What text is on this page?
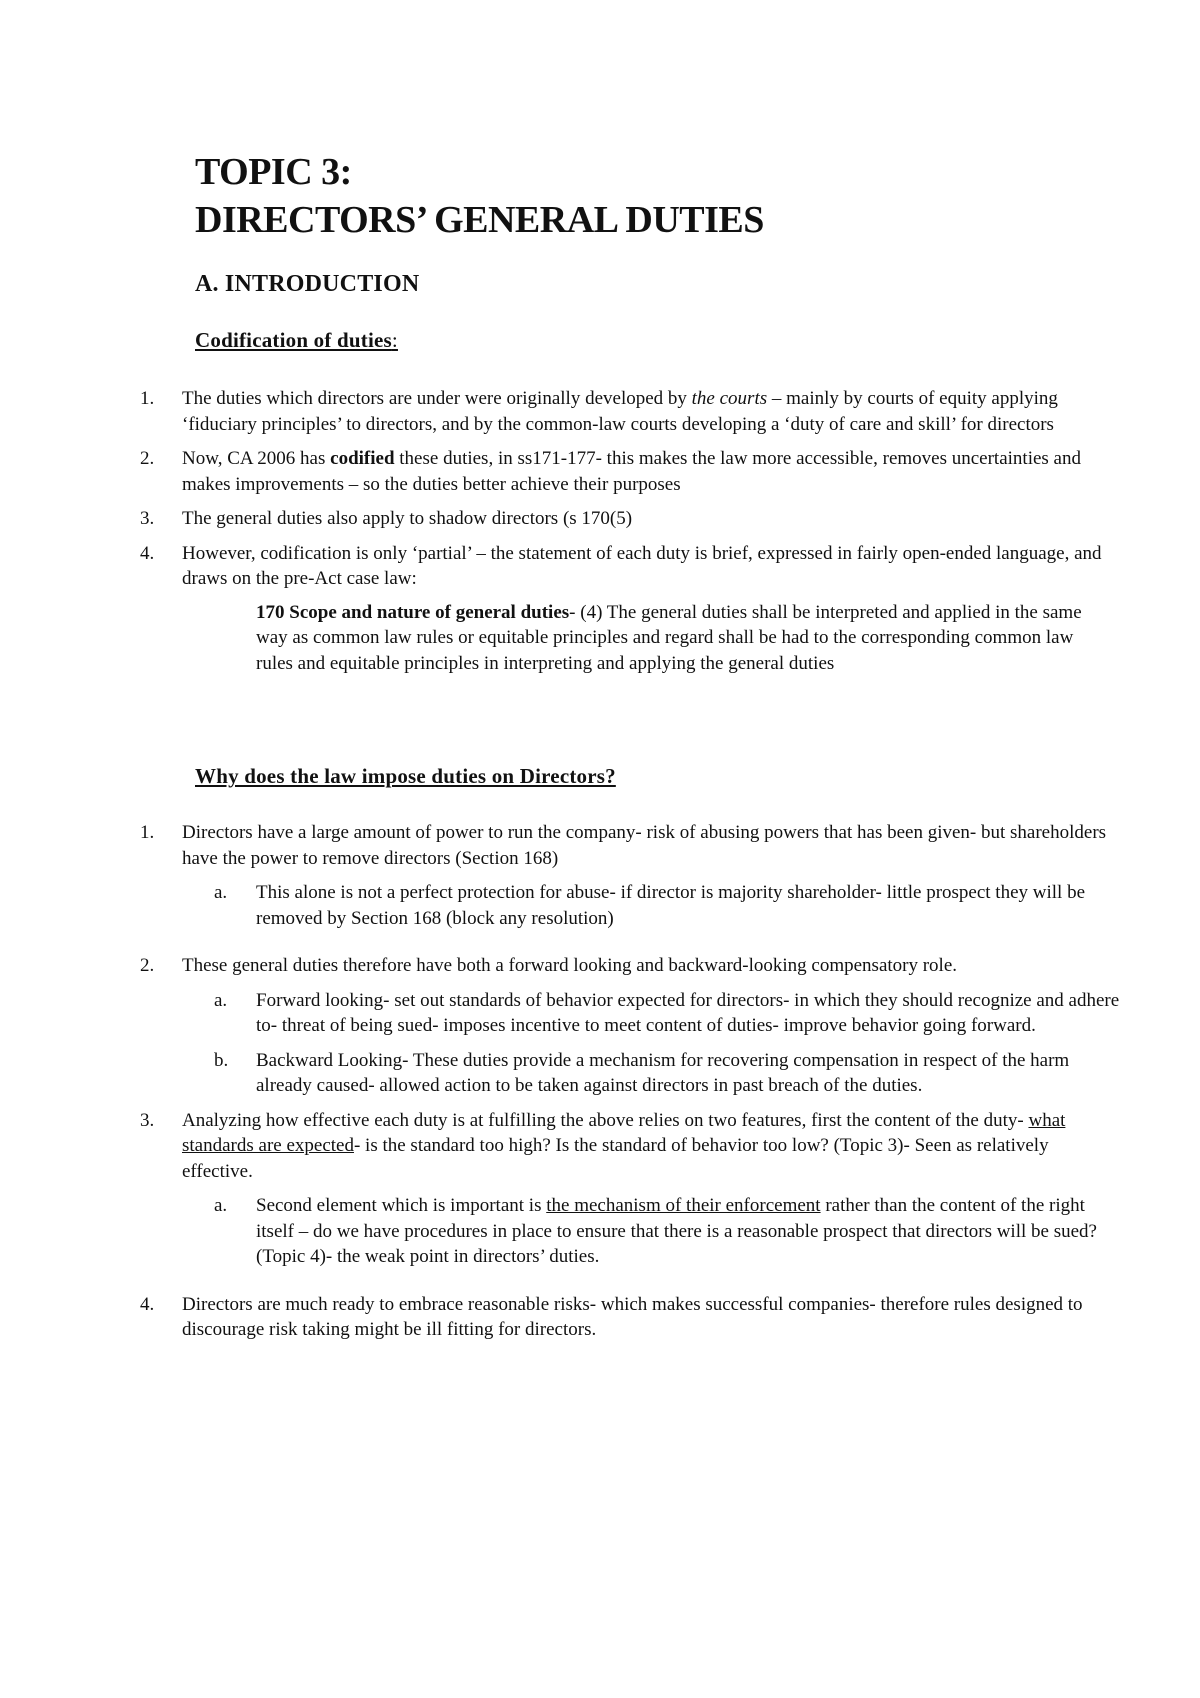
TOPIC 3:
DIRECTORS’ GENERAL DUTIES
A. INTRODUCTION
Codification of duties:
1.	The duties which directors are under were originally developed by the courts – mainly by courts of equity applying ‘fiduciary principles’ to directors, and by the common-law courts developing a ‘duty of care and skill’ for directors
2.	Now, CA 2006 has codified these duties, in ss171-177- this makes the law more accessible, removes uncertainties and makes improvements – so the duties better achieve their purposes
3.	The general duties also apply to shadow directors (s 170(5)
4.	However, codification is only ‘partial’ – the statement of each duty is brief, expressed in fairly open-ended language, and draws on the pre-Act case law:
170 Scope and nature of general duties- (4) The general duties shall be interpreted and applied in the same way as common law rules or equitable principles and regard shall be had to the corresponding common law rules and equitable principles in interpreting and applying the general duties
Why does the law impose duties on Directors?
1.	Directors have a large amount of power to run the company- risk of abusing powers that has been given- but shareholders have the power to remove directors (Section 168)
a. This alone is not a perfect protection for abuse- if director is majority shareholder- little prospect they will be removed by Section 168 (block any resolution)
2.	These general duties therefore have both a forward looking and backward-looking compensatory role.
a. Forward looking- set out standards of behavior expected for directors- in which they should recognize and adhere to- threat of being sued- imposes incentive to meet content of duties- improve behavior going forward.
b. Backward Looking- These duties provide a mechanism for recovering compensation in respect of the harm already caused- allowed action to be taken against directors in past breach of the duties.
3.	Analyzing how effective each duty is at fulfilling the above relies on two features, first the content of the duty- what standards are expected- is the standard too high? Is the standard of behavior too low? (Topic 3)- Seen as relatively effective.
a. Second element which is important is the mechanism of their enforcement rather than the content of the right itself – do we have procedures in place to ensure that there is a reasonable prospect that directors will be sued? (Topic 4)- the weak point in directors’ duties.
4.	Directors are much ready to embrace reasonable risks- which makes successful companies- therefore rules designed to discourage risk taking might be ill fitting for directors.
